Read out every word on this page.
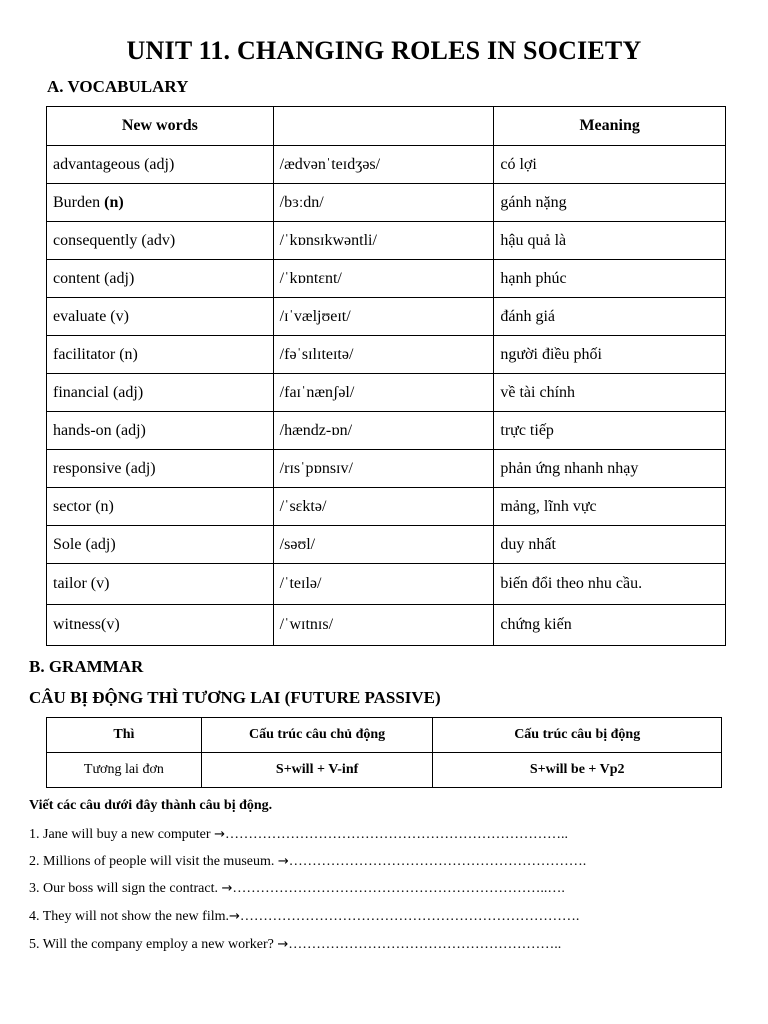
UNIT 11. CHANGING ROLES IN SOCIETY
A. VOCABULARY
New words		Meaning
advantageous (adj)	/ædvənˈteɪdʒəs/	có lợi
Burden (n)	/bɜːdn/	gánh nặng
consequently (adv)	/ˈkɒnsɪkwəntli/	hậu quả là
content (adj)	/ˈkɒntɛnt/	hạnh phúc
evaluate (v)	/ɪˈvæljʊeɪt/	đánh giá
facilitator (n)	/fəˈsɪlɪteɪtə/	người điều phối
financial (adj)	/faɪˈnænʃəl/	về tài chính
hands-on (adj)	/hændz-ɒn/	trực tiếp
responsive (adj)	/rɪsˈpɒnsɪv/	phản ứng nhanh nhạy
sector (n)	/ˈsɛktə/	mảng, lĩnh vực
Sole (adj)	/səʊl/	duy nhất
tailor (v)	/ˈteɪlə/	biến đổi theo nhu cầu.
witness(v)	/ˈwɪtnɪs/	chứng kiến
B. GRAMMAR
CÂU BỊ ĐỘNG THÌ TƯƠNG LAI (FUTURE PASSIVE)
Thì	Cấu trúc câu chủ động	Cấu trúc câu bị động
Tương lai đơn	S+will + V-inf	S+will be + Vp2
Viết các câu dưới đây thành câu bị động.
1. Jane will buy a new computer →………………………………………………………………..
2. Millions of people will visit the museum. →……………………………………………………….
3. Our boss will sign the contract. →…………………………………………………………..….
4. They will not show the new film.→……………………………………………………………….
5. Will the company employ a new worker? →…………………………………………………..
